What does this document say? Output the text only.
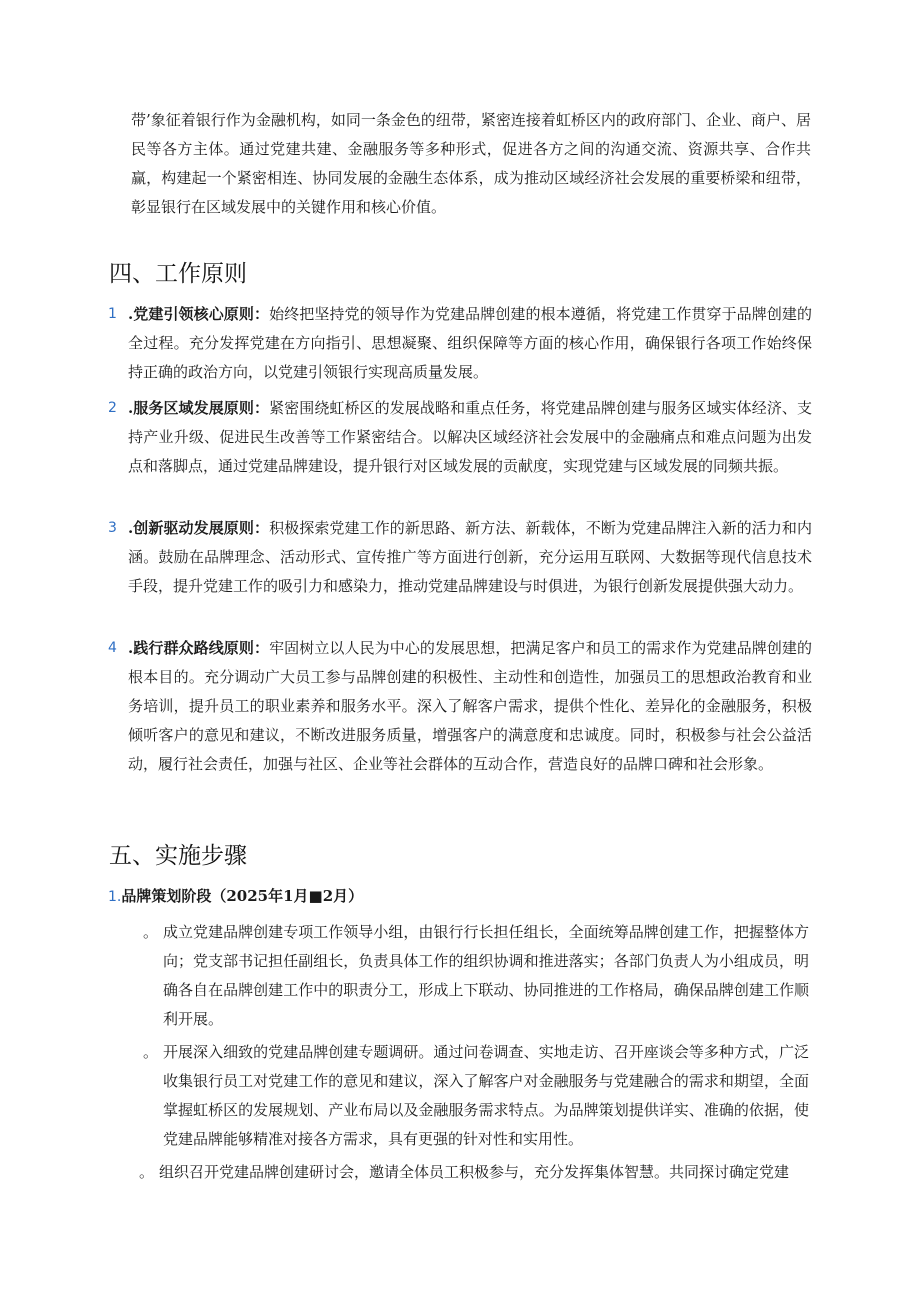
带’象征着银行作为金融机构，如同一条金色的纽带，紧密连接着虹桥区内的政府部门、企业、商户、居民等各方主体。通过党建共建、金融服务等多种形式，促进各方之间的沟通交流、资源共享、合作共赢，构建起一个紧密相连、协同发展的金融生态体系，成为推动区域经济社会发展的重要桥梁和纽带，彰显银行在区域发展中的关键作用和核心价值。

四、工作原则
1 .党建引领核心原则：始终把坚持党的领导作为党建品牌创建的根本遵循，将党建工作贯穿于品牌创建的全过程。充分发挥党建在方向指引、思想凝聚、组织保障等方面的核心作用，确保银行各项工作始终保持正确的政治方向，以党建引领银行实现高质量发展。
2 .服务区域发展原则：紧密围绕虹桥区的发展战略和重点任务，将党建品牌创建与服务区域实体经济、支持产业升级、促进民生改善等工作紧密结合。以解决区域经济社会发展中的金融痛点和难点问题为出发点和落脚点，通过党建品牌建设，提升银行对区域发展的贡献度，实现党建与区域发展的同频共振。
3 .创新驱动发展原则：积极探索党建工作的新思路、新方法、新载体，不断为党建品牌注入新的活力和内涵。鼓励在品牌理念、活动形式、宣传推广等方面进行创新，充分运用互联网、大数据等现代信息技术手段，提升党建工作的吸引力和感染力，推动党建品牌建设与时俱进，为银行创新发展提供强大动力。
4 .践行群众路线原则：牢固树立以人民为中心的发展思想，把满足客户和员工的需求作为党建品牌创建的根本目的。充分调动广大员工参与品牌创建的积极性、主动性和创造性，加强员工的思想政治教育和业务培训，提升员工的职业素养和服务水平。深入了解客户需求，提供个性化、差异化的金融服务，积极倾听客户的意见和建议，不断改进服务质量，增强客户的满意度和忠诚度。同时，积极参与社会公益活动，履行社会责任，加强与社区、企业等社会群体的互动合作，营造良好的品牌口碑和社会形象。
五、实施步骤
1.品牌策划阶段（2025年1月■2月）
。 成立党建品牌创建专项工作领导小组，由银行行长担任组长，全面统筹品牌创建工作，把握整体方向；党支部书记担任副组长，负责具体工作的组织协调和推进落实；各部门负责人为小组成员，明确各自在品牌创建工作中的职责分工，形成上下联动、协同推进的工作格局，确保品牌创建工作顺利开展。
。 开展深入细致的党建品牌创建专题调研。通过问卷调查、实地走访、召开座谈会等多种方式，广泛收集银行员工对党建工作的意见和建议，深入了解客户对金融服务与党建融合的需求和期望，全面掌握虹桥区的发展规划、产业布局以及金融服务需求特点。为品牌策划提供详实、准确的依据，使党建品牌能够精准对接各方需求，具有更强的针对性和实用性。
。 组织召开党建品牌创建研讨会，邀请全体员工积极参与，充分发挥集体智慧。共同探讨确定党建
